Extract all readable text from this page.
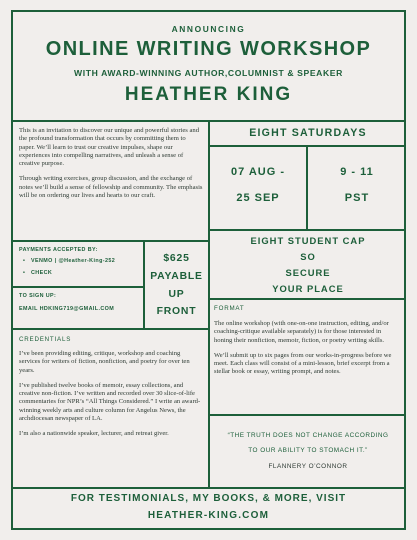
ANNOUNCING
ONLINE WRITING WORKSHOP
WITH AWARD-WINNING AUTHOR,COLUMNIST & SPEAKER
HEATHER KING

This is an invitation to discover our unique and powerful stories and the profound transformation that occurs by committing them to paper. We’ll learn to trust our creative impulses, shape our experiences into compelling narratives, and unleash a sense of creative purpose.

Through writing exercises, group discussion, and the exchange of notes we’ll build a sense of fellowship and community. The emphasis will be on ordering our lives and hearts to our craft.

EIGHT SATURDAYS
07 AUG -
25 SEP
9 - 11
PST
PAYMENTS ACCEPTED BY:
•   VENMO | @Heather-King-252
•   CHECK
TO SIGN UP:
EMAIL HDKING719@GMAIL.COM
$625
PAYABLE
UP
FRONT
EIGHT STUDENT CAP
SO
SECURE
YOUR PLACE
FORMAT

The online workshop (with one-on-one instruction, editing, and/or coaching-critique available separately) is for those interested in honing their nonfiction, memoir, fiction, or poetry writing skills.

We’ll submit up to six pages from our works-in-progress before we meet. Each class will consist of a mini-lesson, brief excerpt from a stellar book or essay, writing prompt, and notes.

CREDENTIALS

I’ve been providing editing, critique, workshop and coaching services for writers of fiction, nonfiction, and poetry for over ten years.

I’ve published twelve books of memoir, essay collections, and creative non-fiction. I’ve written and recorded over 30 slice-of-life commentaries for NPR’s “All Things Considered.” I write an award-winning weekly arts and culture column for Angelus News, the archdiocesan newspaper of LA.

I’m also a nationwide speaker, lecturer, and retreat giver.	“THE TRUTH DOES NOT CHANGE ACCORDING
TO OUR ABILITY TO STOMACH IT.”
FLANNERY O’CONNOR
FOR TESTIMONIALS, MY BOOKS, & MORE, VISIT
HEATHER-KING.COM
